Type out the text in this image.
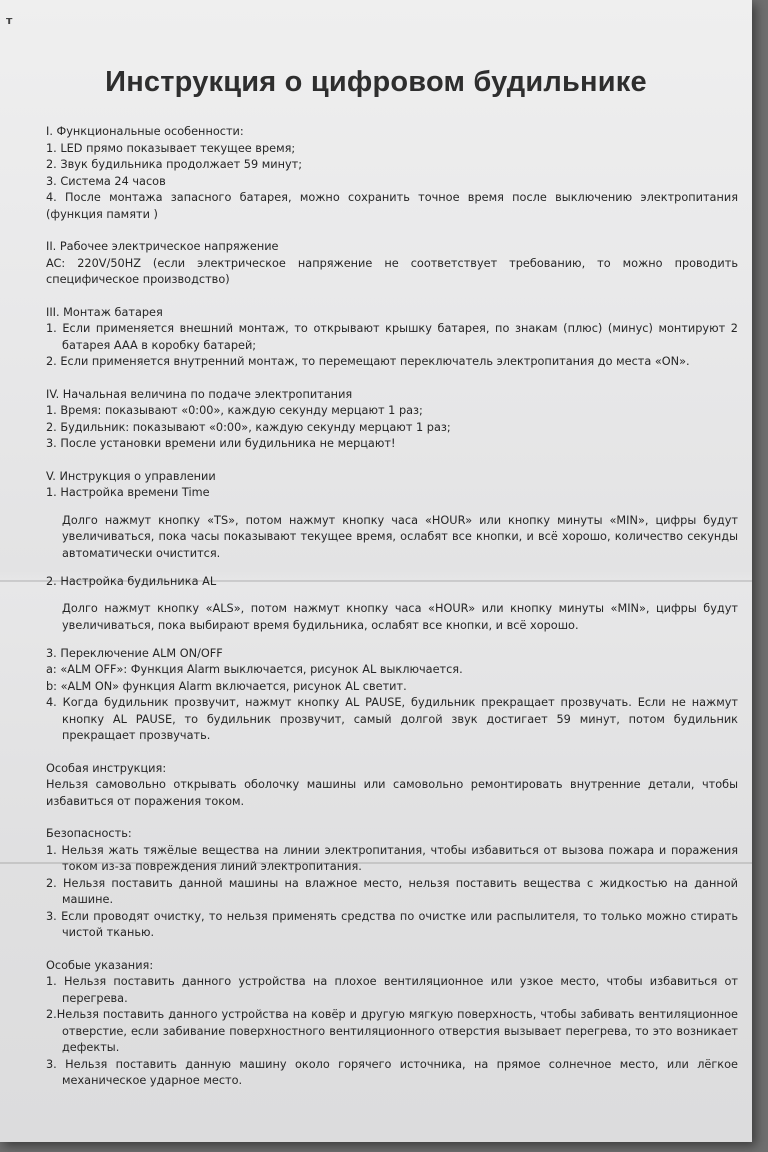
т
Инструкция о цифровом будильнике

I. Функциональные особенности:

1. LED прямо показывает текущее время;

2. Звук будильника продолжает 59 минут;

3. Система 24 часов

4. После монтажа запасного батарея, можно сохранить точное время после выключению электропитания (функция памяти )

II. Рабочее электрическое напряжение

AC: 220V/50HZ (если электрическое напряжение не соответствует требованию, то можно проводить специфическое производство)

III. Монтаж батарея

1. Если применяется внешний монтаж, то открывают крышку батарея, по знакам (плюс) (минус) монтируют 2 батарея AAA в коробку батарей;

2. Если применяется внутренний монтаж, то перемещают переключатель электропитания до места «ON».

IV. Начальная величина по подаче электропитания

1. Время: показывают «0:00», каждую секунду мерцают 1 раз;

2. Будильник: показывают «0:00», каждую секунду мерцают 1 раз;

3. После установки времени или будильника не мерцают!

V. Инструкция о управлении

1. Настройка времени Time

Долго нажмут кнопку «TS», потом нажмут кнопку часа «HOUR» или кнопку минуты «MIN», цифры будут увеличиваться, пока часы показывают текущее время, ослабят все кнопки, и всё хорошо, количество секунды автоматически очистится.

2. Настройка будильника AL

Долго нажмут кнопку «ALS», потом нажмут кнопку часа «HOUR» или кнопку минуты «MIN», цифры будут увеличиваться, пока выбирают время будильника, ослабят все кнопки, и всё хорошо.

3. Переключение ALM ON/OFF

a: «ALM OFF»: Функция Alarm выключается, рисунок AL выключается.

b: «ALM ON» функция Alarm включается, рисунок AL светит.

4. Когда будильник прозвучит, нажмут кнопку AL PAUSE, будильник прекращает прозвучать. Если не нажмут кнопку AL PAUSE, то будильник прозвучит, самый долгой звук достигает 59 минут, потом будильник прекращает прозвучать.

Особая инструкция:

Нельзя самовольно открывать оболочку машины или самовольно ремонтировать внутренние детали, чтобы избавиться от поражения током.

Безопасность:

1. Нельзя жать тяжёлые вещества на линии электропитания, чтобы избавиться от вызова пожара и поражения током из-за повреждения линий электропитания.

2. Нельзя поставить данной машины на влажное место, нельзя поставить вещества с жидкостью на данной машине.

3. Если проводят очистку, то нельзя применять средства по очистке или распылителя, то только можно стирать чистой тканью.

Особые указания:

1. Нельзя поставить данного устройства на плохое вентиляционное или узкое место, чтобы избавиться от перегрева.

2.Нельзя поставить данного устройства на ковёр и другую мягкую поверхность, чтобы забивать вентиляционное отверстие, если забивание поверхностного вентиляционного отверстия вызывает перегрева, то это возникает дефекты.

3. Нельзя поставить данную машину около горячего источника, на прямое солнечное место, или лёгкое механическое ударное место.
